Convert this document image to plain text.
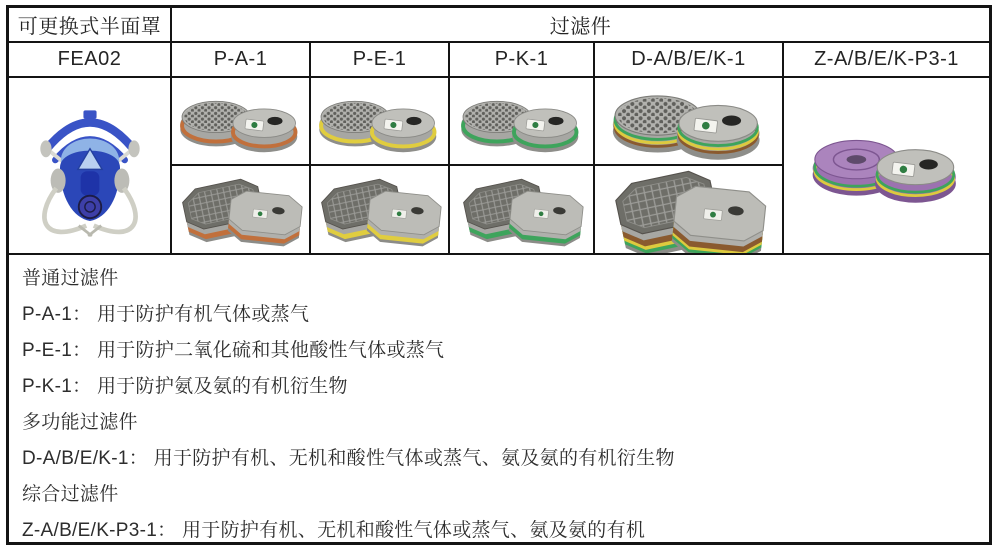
可更换式半面罩	过滤件
FEA02	P-A-1	P-E-1	P-K-1	D-A/B/E/K-1	Z-A/B/E/K-P3-1
普通过滤件
P-A-1： 用于防护有机气体或蒸气
P-E-1： 用于防护二氧化硫和其他酸性气体或蒸气
P-K-1： 用于防护氨及氨的有机衍生物
多功能过滤件
D-A/B/E/K-1： 用于防护有机、无机和酸性气体或蒸气、氨及氨的有机衍生物
综合过滤件
Z-A/B/E/K-P3-1： 用于防护有机、无机和酸性气体或蒸气、氨及氨的有机
